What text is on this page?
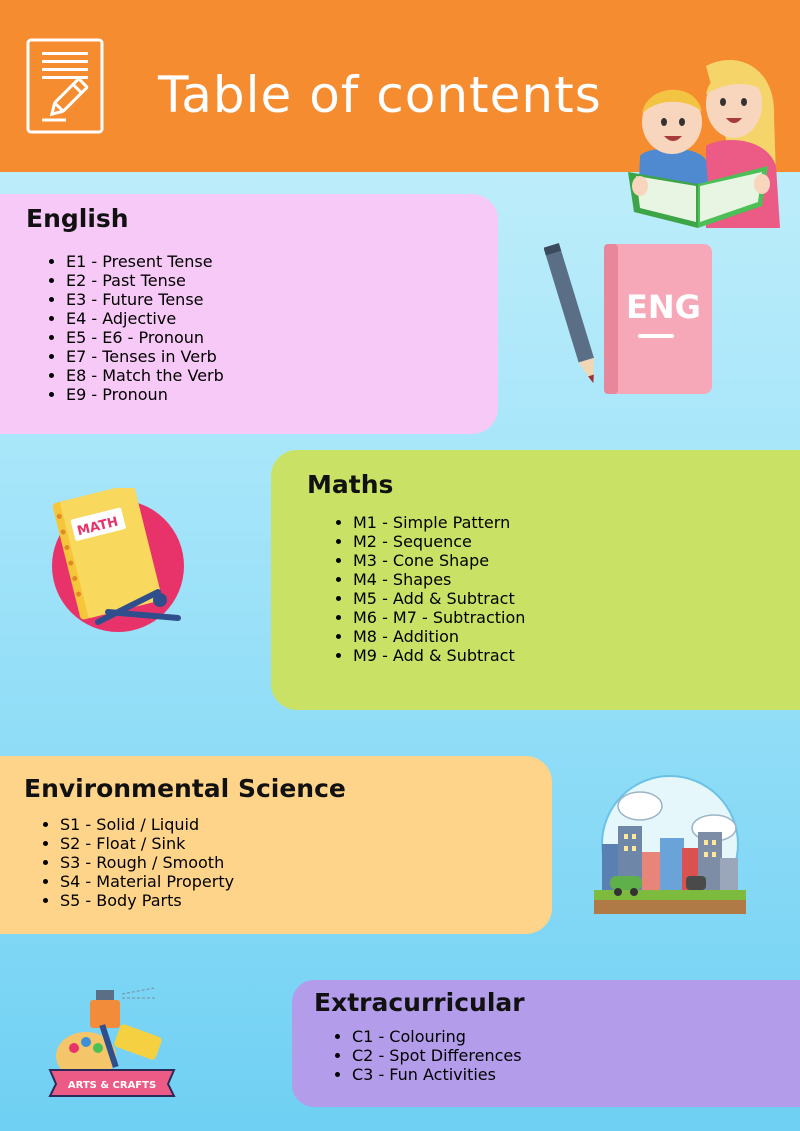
Table of contents
English
• E1 - Present Tense
• E2 - Past Tense
• E3 - Future Tense
• E4 - Adjective
• E5 - E6 - Pronoun
• E7 - Tenses in Verb
• E8 - Match the Verb
• E9 - Pronoun
ENG
MATH
Maths
• M1 - Simple Pattern
• M2 - Sequence
• M3 - Cone Shape
• M4 - Shapes
• M5 - Add & Subtract
• M6 - M7 - Subtraction
• M8 - Addition
• M9 - Add & Subtract
Environmental Science
• S1 - Solid / Liquid
• S2 - Float / Sink
• S3 - Rough / Smooth
• S4 - Material Property
• S5 - Body Parts
ARTS & CRAFTS
Extracurricular
• C1 - Colouring
• C2 - Spot Differences
• C3 - Fun Activities
